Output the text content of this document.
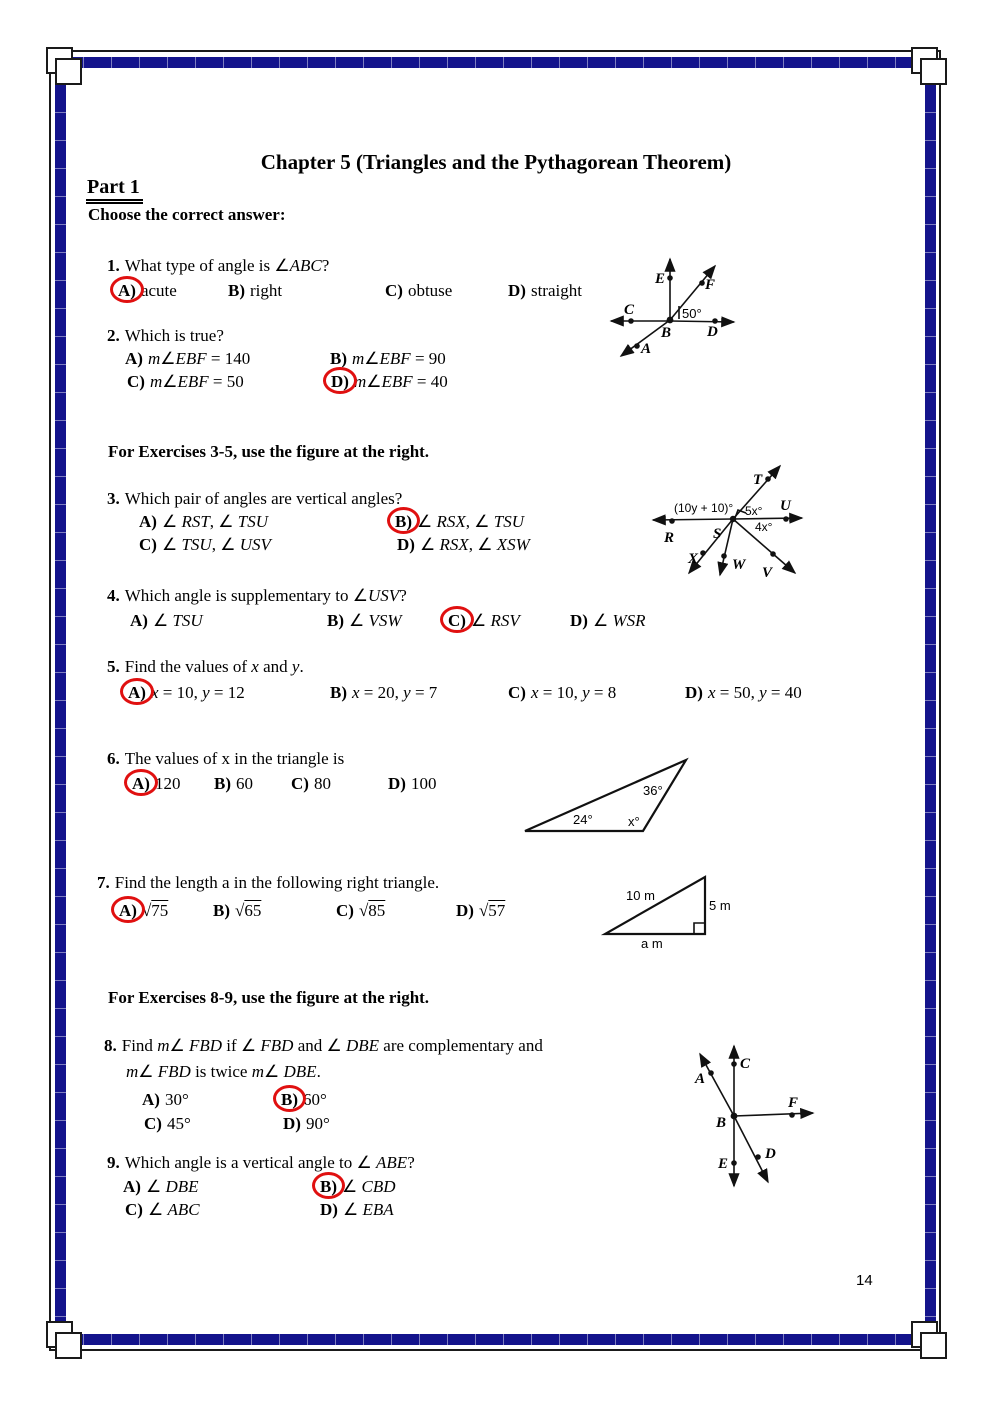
Chapter 5 (Triangles and the Pythagorean Theorem)
Part 1
Choose the correct answer:
1. What type of angle is ∠ABC?
A) acute	B) right	C) obtuse	D) straight
2. Which is true?
A) m∠EBF = 140	B) m∠EBF = 90
C) m∠EBF = 50	D) m∠EBF = 40
E	F
C
B D
A
50°
For Exercises 3-5, use the figure at the right.
3. Which pair of angles are vertical angles?
A) ∠ RST, ∠ TSU	B) ∠ RSX, ∠ TSU
C) ∠ TSU, ∠ USV	D) ∠ RSX, ∠ XSW
T
U
R	S
X W V
(10y + 10)° 5x°
4x°
4. Which angle is supplementary to ∠USV?
A) ∠ TSU	B) ∠ VSW	C) ∠ RSV	D) ∠ WSR
5. Find the values of x and y.
A) x = 10, y = 12	B) x = 20, y = 7	C) x = 10, y = 8	D) x = 50, y = 40
6. The values of x in the triangle is
A) 120 B) 60 C) 80	D) 100
24°
36°
x°
7. Find the length a in the following right triangle.
A) √75	B) √65	C) √85	D) √57
10 m
5 m
a m
For Exercises 8-9, use the figure at the right.
8. Find m∠ FBD if ∠ FBD and ∠ DBE are complementary and
m∠ FBD is twice m∠ DBE.
A) 30°	B) 60°
C) 45°	D) 90°
A
C
F
B
D
E
9. Which angle is a vertical angle to ∠ ABE?
A) ∠ DBE	B) ∠ CBD
C) ∠ ABC	D) ∠ EBA
14
